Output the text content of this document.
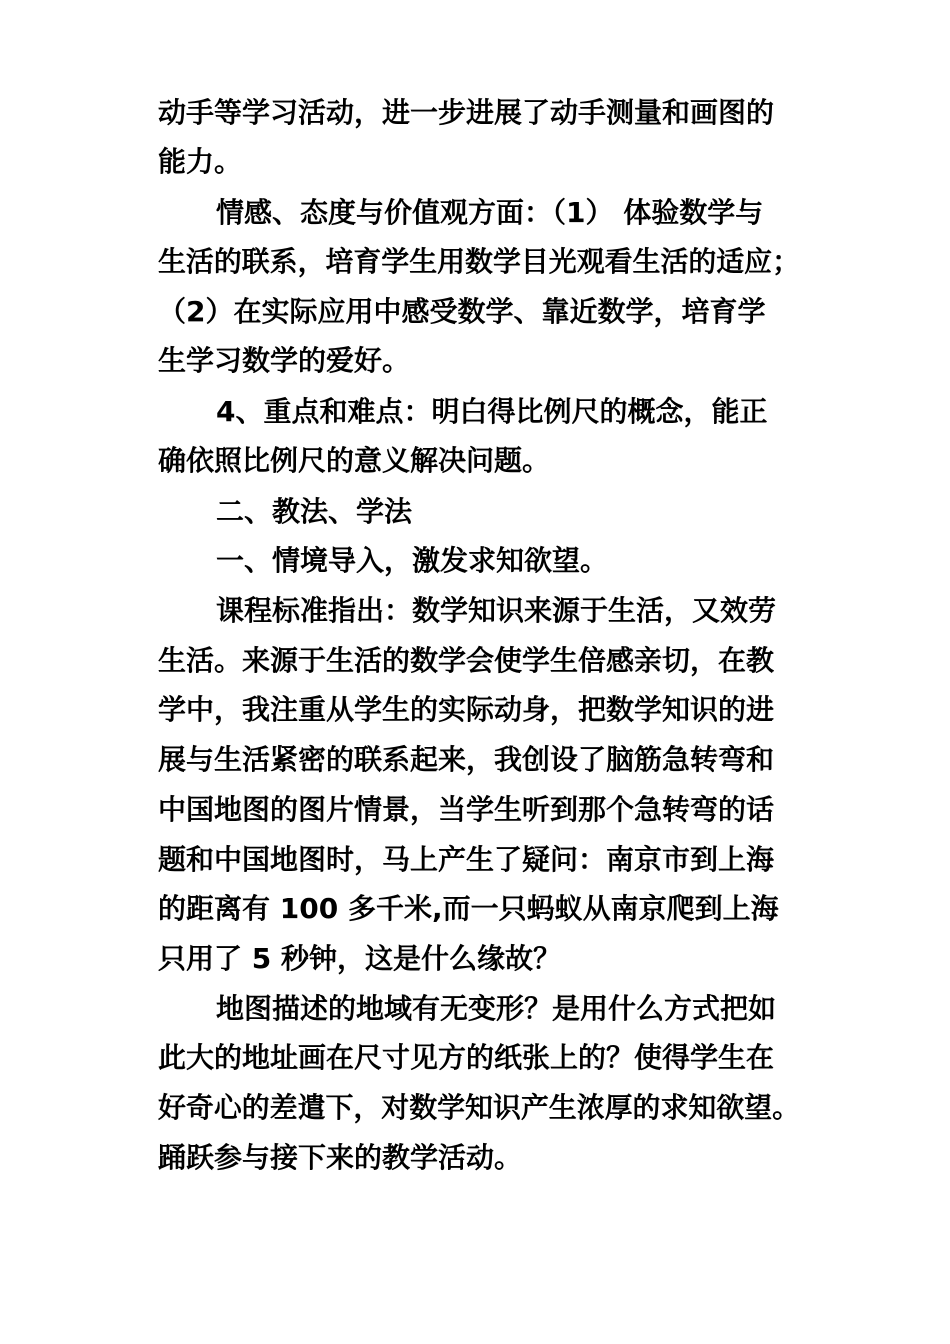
动手等学习活动，进一步进展了动手测量和画图的
能力。
情感、态度与价值观方面：（1） 体验数学与
生活的联系，培育学生用数学目光观看生活的适应；
（2）在实际应用中感受数学、靠近数学，培育学
生学习数学的爱好。
4、重点和难点：明白得比例尺的概念，能正
确依照比例尺的意义解决问题。
二、教法、学法
一、情境导入，激发求知欲望。
课程标准指出：数学知识来源于生活，又效劳
生活。来源于生活的数学会使学生倍感亲切，在教
学中，我注重从学生的实际动身，把数学知识的进
展与生活紧密的联系起来，我创设了脑筋急转弯和
中国地图的图片情景，当学生听到那个急转弯的话
题和中国地图时，马上产生了疑问：南京市到上海
的距离有 100 多千米,而一只蚂蚁从南京爬到上海
只用了 5 秒钟，这是什么缘故？
地图描述的地域有无变形？是用什么方式把如
此大的地址画在尺寸见方的纸张上的？使得学生在
好奇心的差遣下，对数学知识产生浓厚的求知欲望。
踊跃参与接下来的教学活动。
